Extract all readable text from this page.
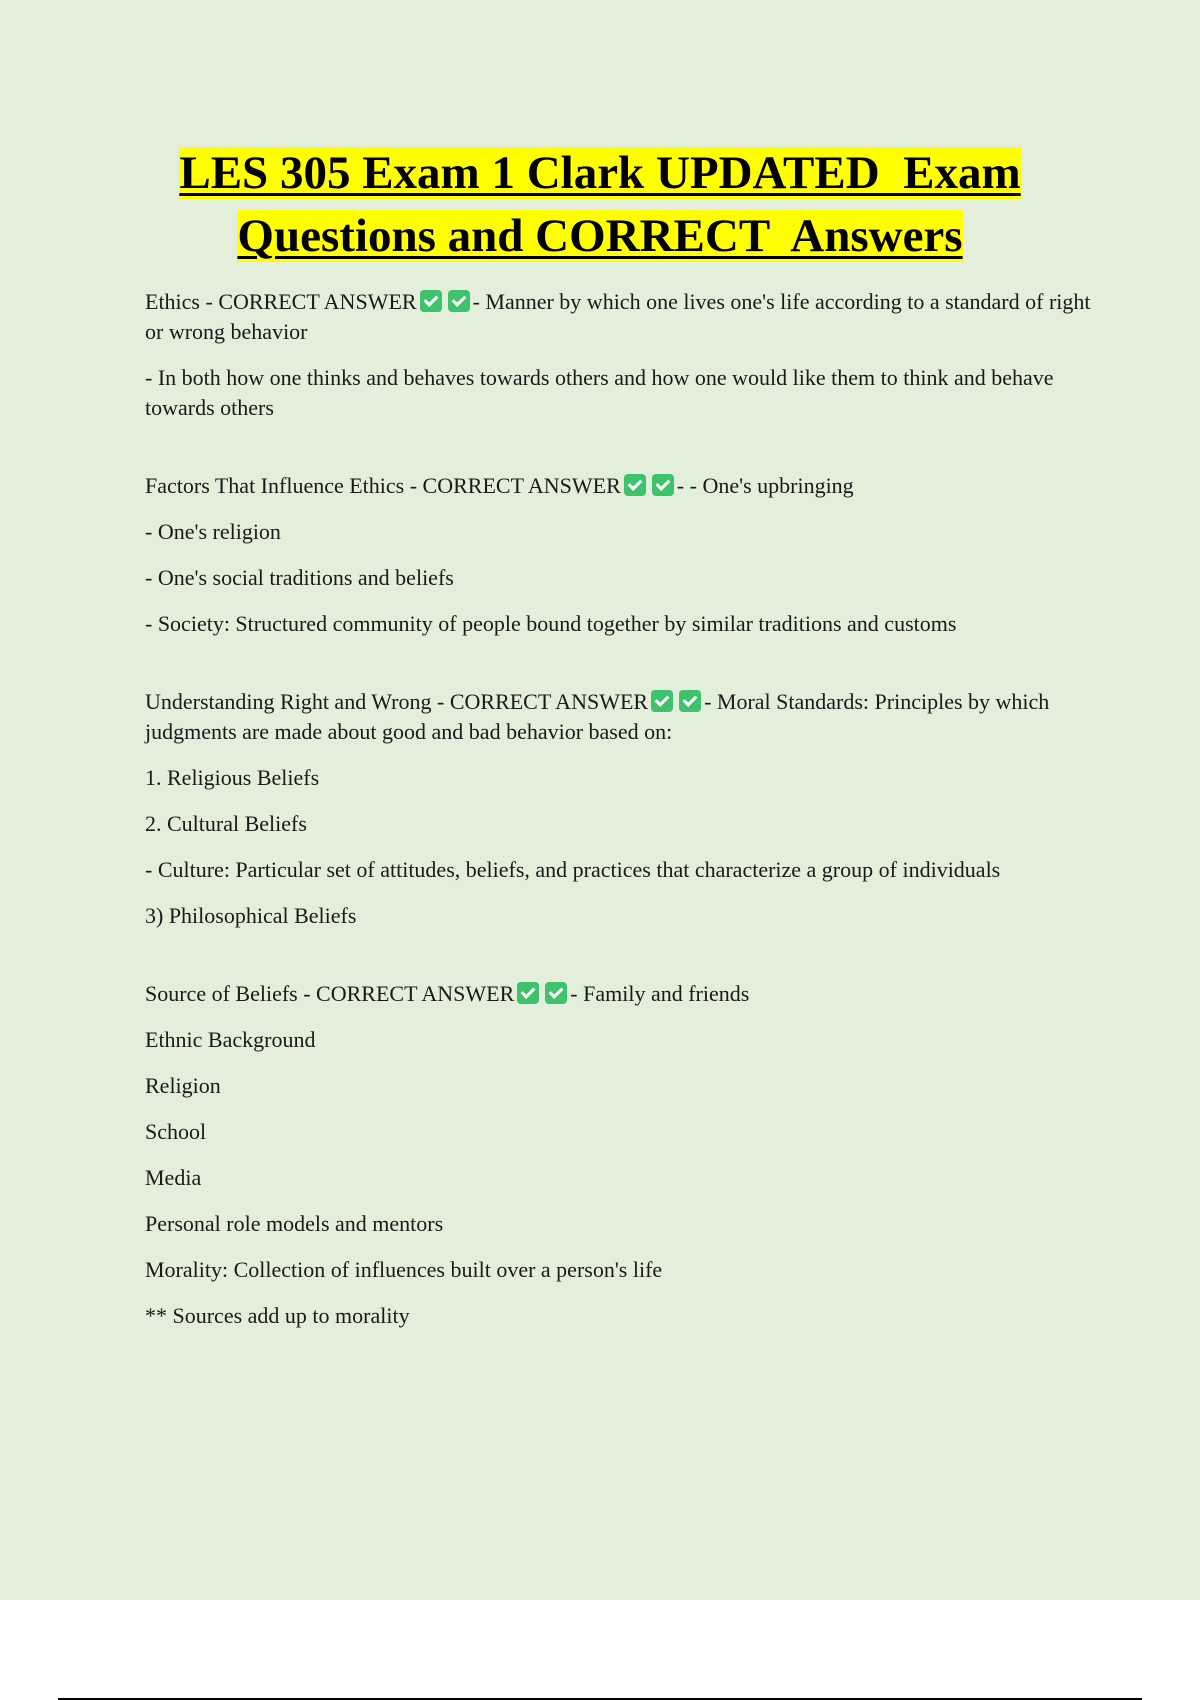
LES 305 Exam 1 Clark UPDATED  Exam
Questions and CORRECT  Answers

Ethics - CORRECT ANSWER	- Manner by which one lives one's life according to a standard of right or wrong behavior

- In both how one thinks and behaves towards others and how one would like them to think and behave towards others

Factors That Influence Ethics - CORRECT ANSWER	- - One's upbringing

- One's religion

- One's social traditions and beliefs

- Society: Structured community of people bound together by similar traditions and customs

Understanding Right and Wrong - CORRECT ANSWER	- Moral Standards: Principles by which judgments are made about good and bad behavior based on:

1. Religious Beliefs

2. Cultural Beliefs

- Culture: Particular set of attitudes, beliefs, and practices that characterize a group of individuals

3) Philosophical Beliefs

Source of Beliefs - CORRECT ANSWER	- Family and friends

Ethnic Background

Religion

School

Media

Personal role models and mentors

Morality: Collection of influences built over a person's life

** Sources add up to morality
